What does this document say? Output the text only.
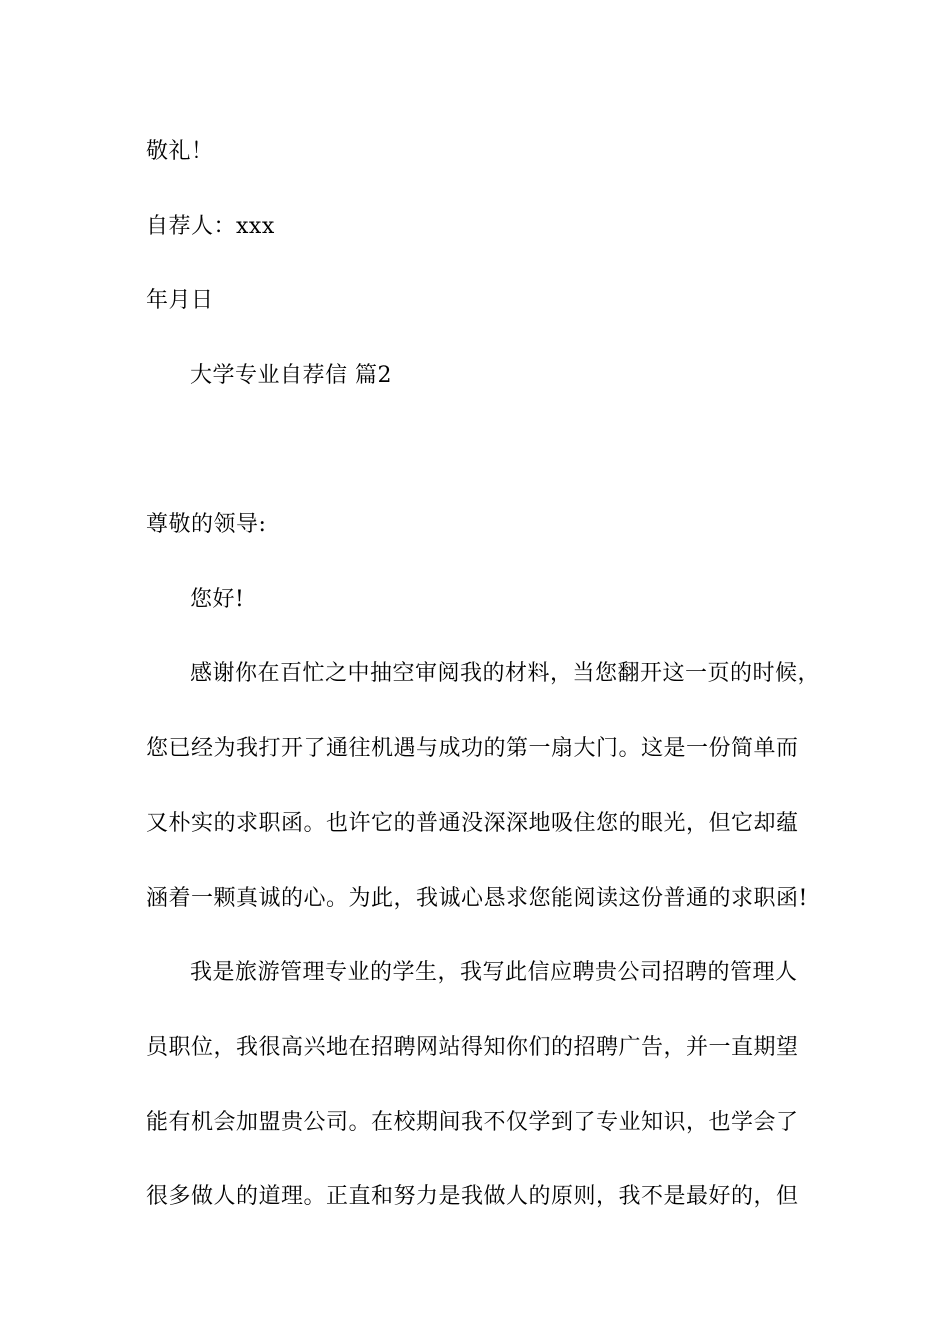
敬礼！
自荐人：xxx
年月日
大学专业自荐信 篇2
尊敬的领导:
您好!
感谢你在百忙之中抽空审阅我的材料，当您翻开这一页的时候，
您已经为我打开了通往机遇与成功的第一扇大门。这是一份简单而
又朴实的求职函。也许它的普通没深深地吸住您的眼光，但它却蕴
涵着一颗真诚的心。为此，我诚心恳求您能阅读这份普通的求职函!
我是旅游管理专业的学生，我写此信应聘贵公司招聘的管理人
员职位，我很高兴地在招聘网站得知你们的招聘广告，并一直期望
能有机会加盟贵公司。在校期间我不仅学到了专业知识，也学会了
很多做人的道理。正直和努力是我做人的原则，我不是最好的，但
